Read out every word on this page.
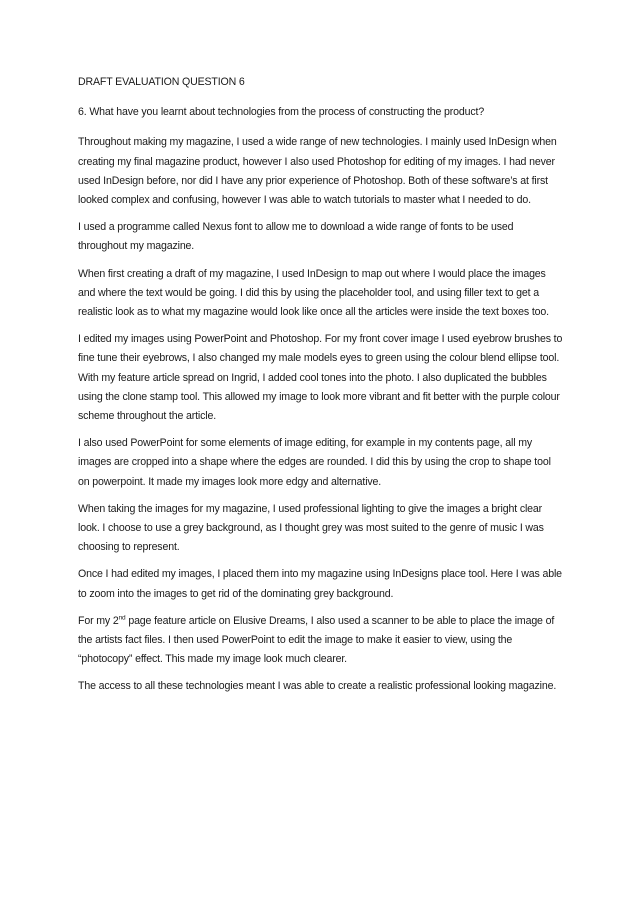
DRAFT EVALUATION QUESTION 6

6. What have you learnt about technologies from the process of constructing the product?

Throughout making my magazine, I used a wide range of new technologies. I mainly used InDesign when creating my final magazine product, however I also used Photoshop for editing of my images. I had never used InDesign before, nor did I have any prior experience of Photoshop. Both of these software’s at first looked complex and confusing, however I was able to watch tutorials to master what I needed to do.

I used a programme called Nexus font to allow me to download a wide range of fonts to be used throughout my magazine.

When first creating a draft of my magazine, I used InDesign to map out where I would place the images and where the text would be going. I did this by using the placeholder tool, and using filler text to get a realistic look as to what my magazine would look like once all the articles were inside the text boxes too.

I edited my images using PowerPoint and Photoshop. For my front cover image I used eyebrow brushes to fine tune their eyebrows, I also changed my male models eyes to green using the colour blend ellipse tool. With my feature article spread on Ingrid, I added cool tones into the photo. I also duplicated the bubbles using the clone stamp tool. This allowed my image to look more vibrant and fit better with the purple colour scheme throughout the article.

I also used PowerPoint for some elements of image editing, for example in my contents page, all my images are cropped into a shape where the edges are rounded. I did this by using the crop to shape tool on powerpoint. It made my images look more edgy and alternative.

When taking the images for my magazine, I used professional lighting to give the images a bright clear look. I choose to use a grey background, as I thought grey was most suited to the genre of music I was choosing to represent.

Once I had edited my images, I placed them into my magazine using InDesigns place tool. Here I was able to zoom into the images to get rid of the dominating grey background.

For my 2nd page feature article on Elusive Dreams, I also used a scanner to be able to place the image of the artists fact files. I then used PowerPoint to edit the image to make it easier to view, using the “photocopy” effect. This made my image look much clearer.

The access to all these technologies meant I was able to create a realistic professional looking magazine.
